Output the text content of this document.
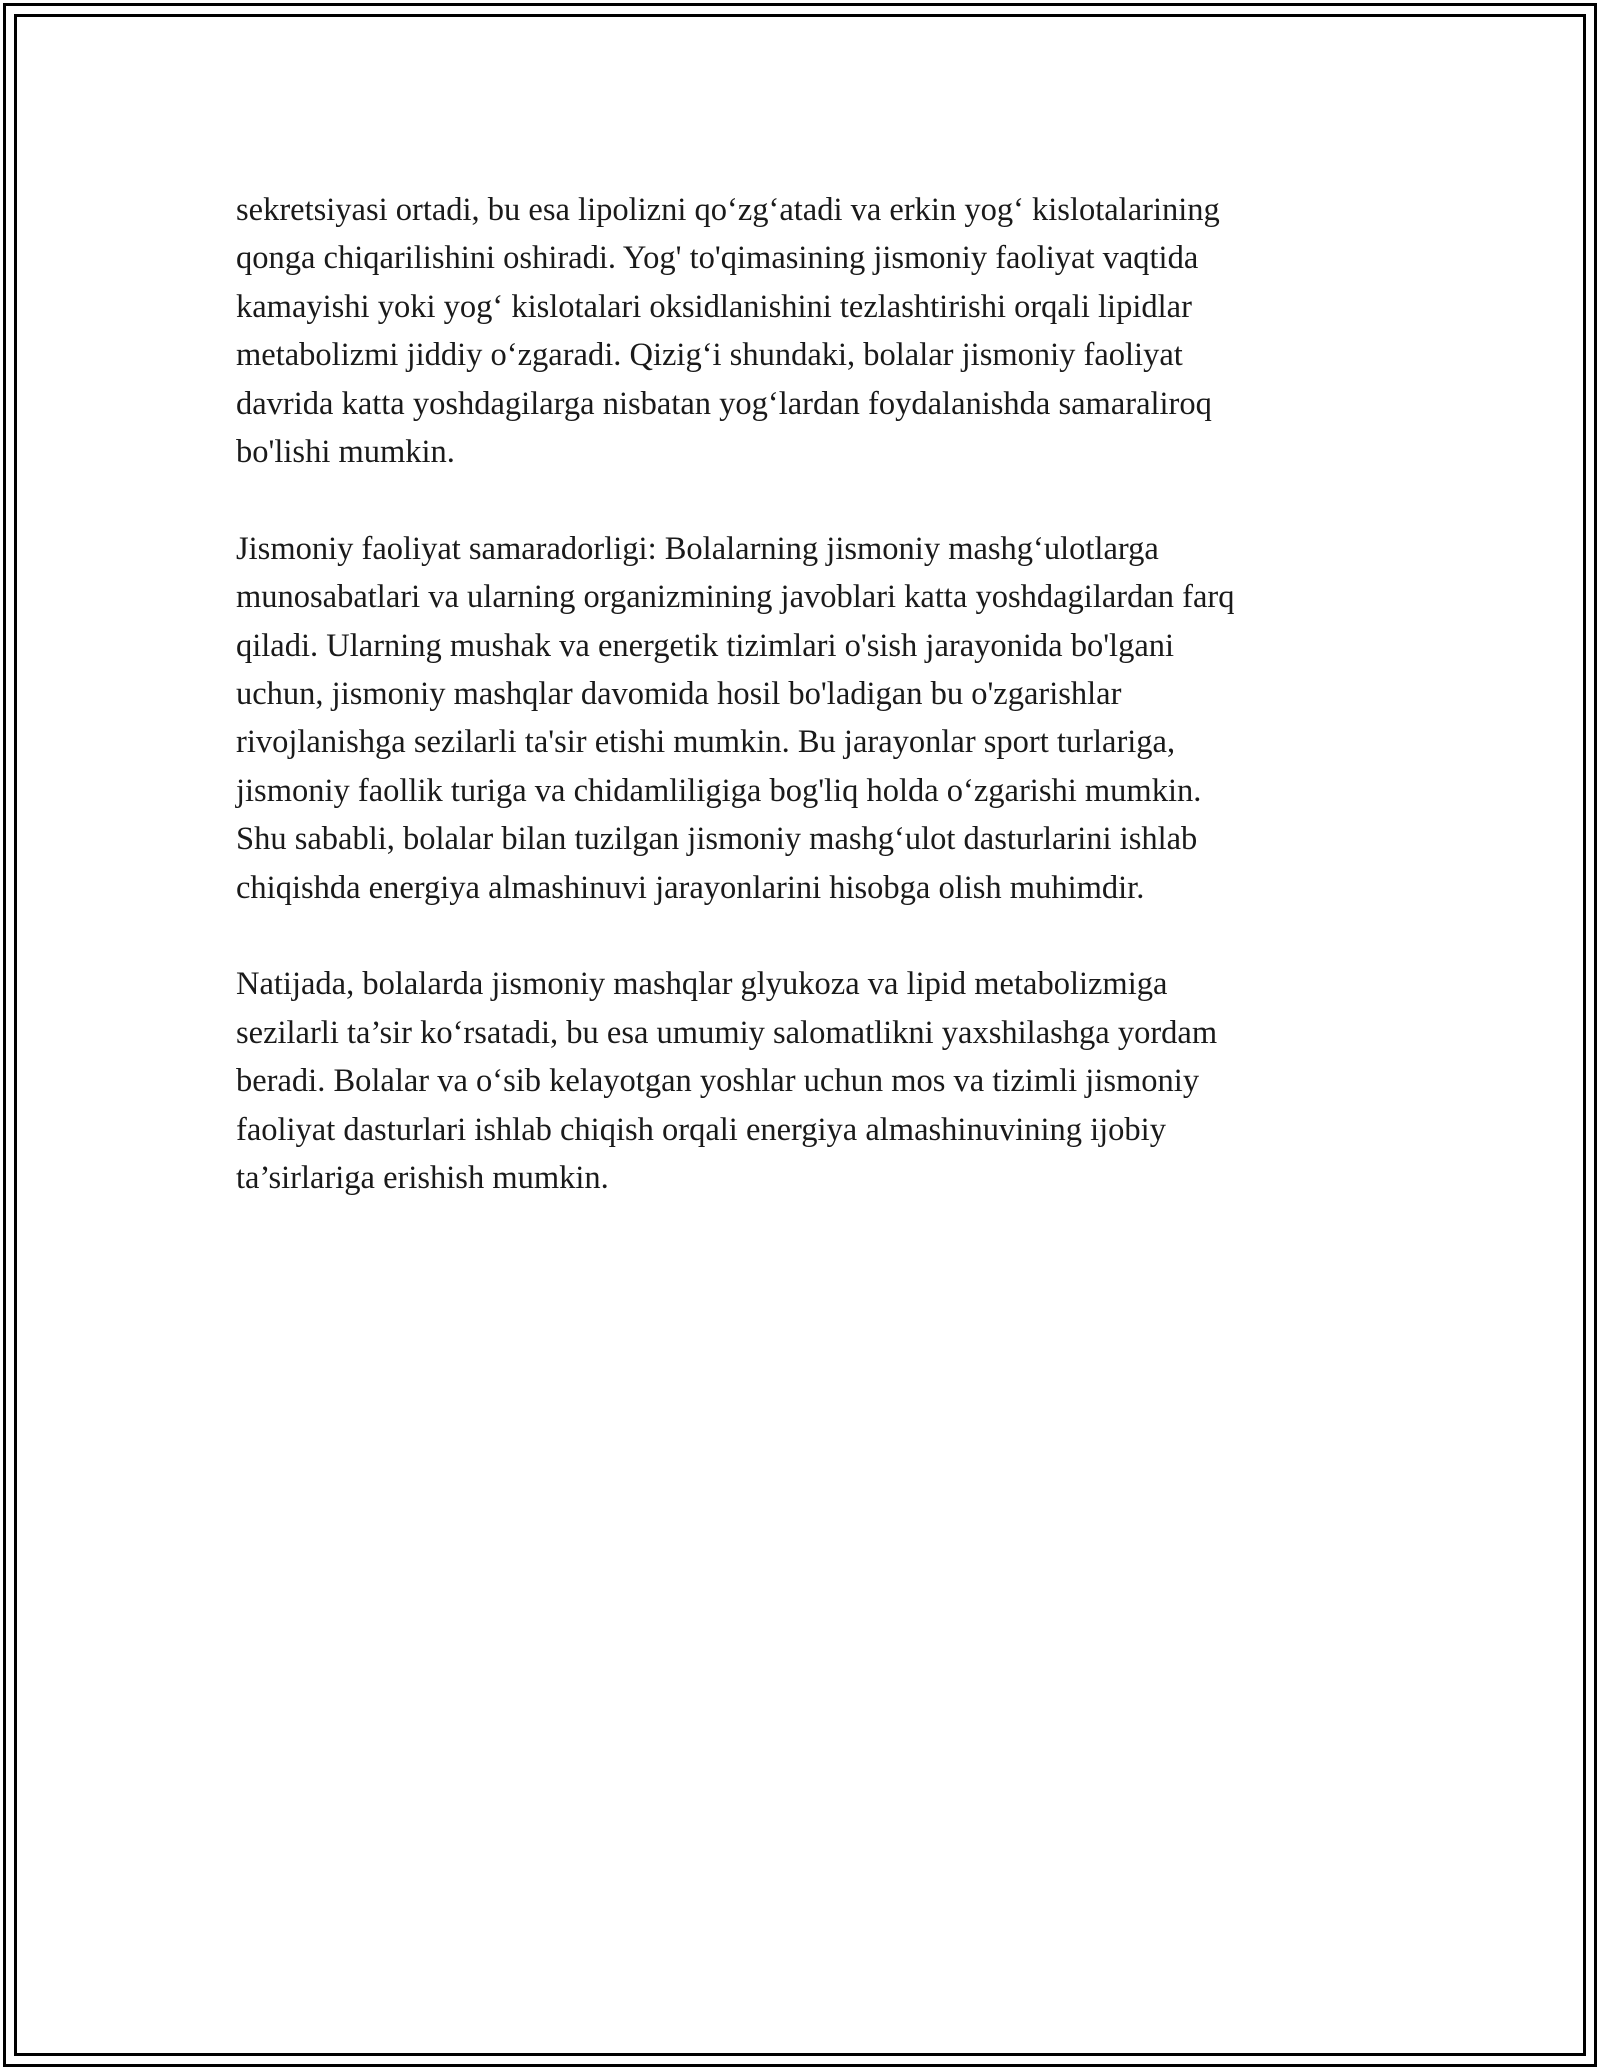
sekretsiyasi ortadi, bu esa lipolizni qo‘zg‘atadi va erkin yog‘ kislotalarining
qonga chiqarilishini oshiradi. Yog' to'qimasining jismoniy faoliyat vaqtida
kamayishi yoki yog‘ kislotalari oksidlanishini tezlashtirishi orqali lipidlar
metabolizmi jiddiy o‘zgaradi. Qizig‘i shundaki, bolalar jismoniy faoliyat
davrida katta yoshdagilarga nisbatan yog‘lardan foydalanishda samaraliroq
bo'lishi mumkin.

Jismoniy faoliyat samaradorligi: Bolalarning jismoniy mashg‘ulotlarga
munosabatlari va ularning organizmining javoblari katta yoshdagilardan farq
qiladi. Ularning mushak va energetik tizimlari o'sish jarayonida bo'lgani
uchun, jismoniy mashqlar davomida hosil bo'ladigan bu o'zgarishlar
rivojlanishga sezilarli ta'sir etishi mumkin. Bu jarayonlar sport turlariga,
jismoniy faollik turiga va chidamliligiga bog'liq holda o‘zgarishi mumkin.
Shu sababli, bolalar bilan tuzilgan jismoniy mashg‘ulot dasturlarini ishlab
chiqishda energiya almashinuvi jarayonlarini hisobga olish muhimdir.

Natijada, bolalarda jismoniy mashqlar glyukoza va lipid metabolizmiga
sezilarli ta’sir ko‘rsatadi, bu esa umumiy salomatlikni yaxshilashga yordam
beradi. Bolalar va o‘sib kelayotgan yoshlar uchun mos va tizimli jismoniy
faoliyat dasturlari ishlab chiqish orqali energiya almashinuvining ijobiy
ta’sirlariga erishish mumkin.
